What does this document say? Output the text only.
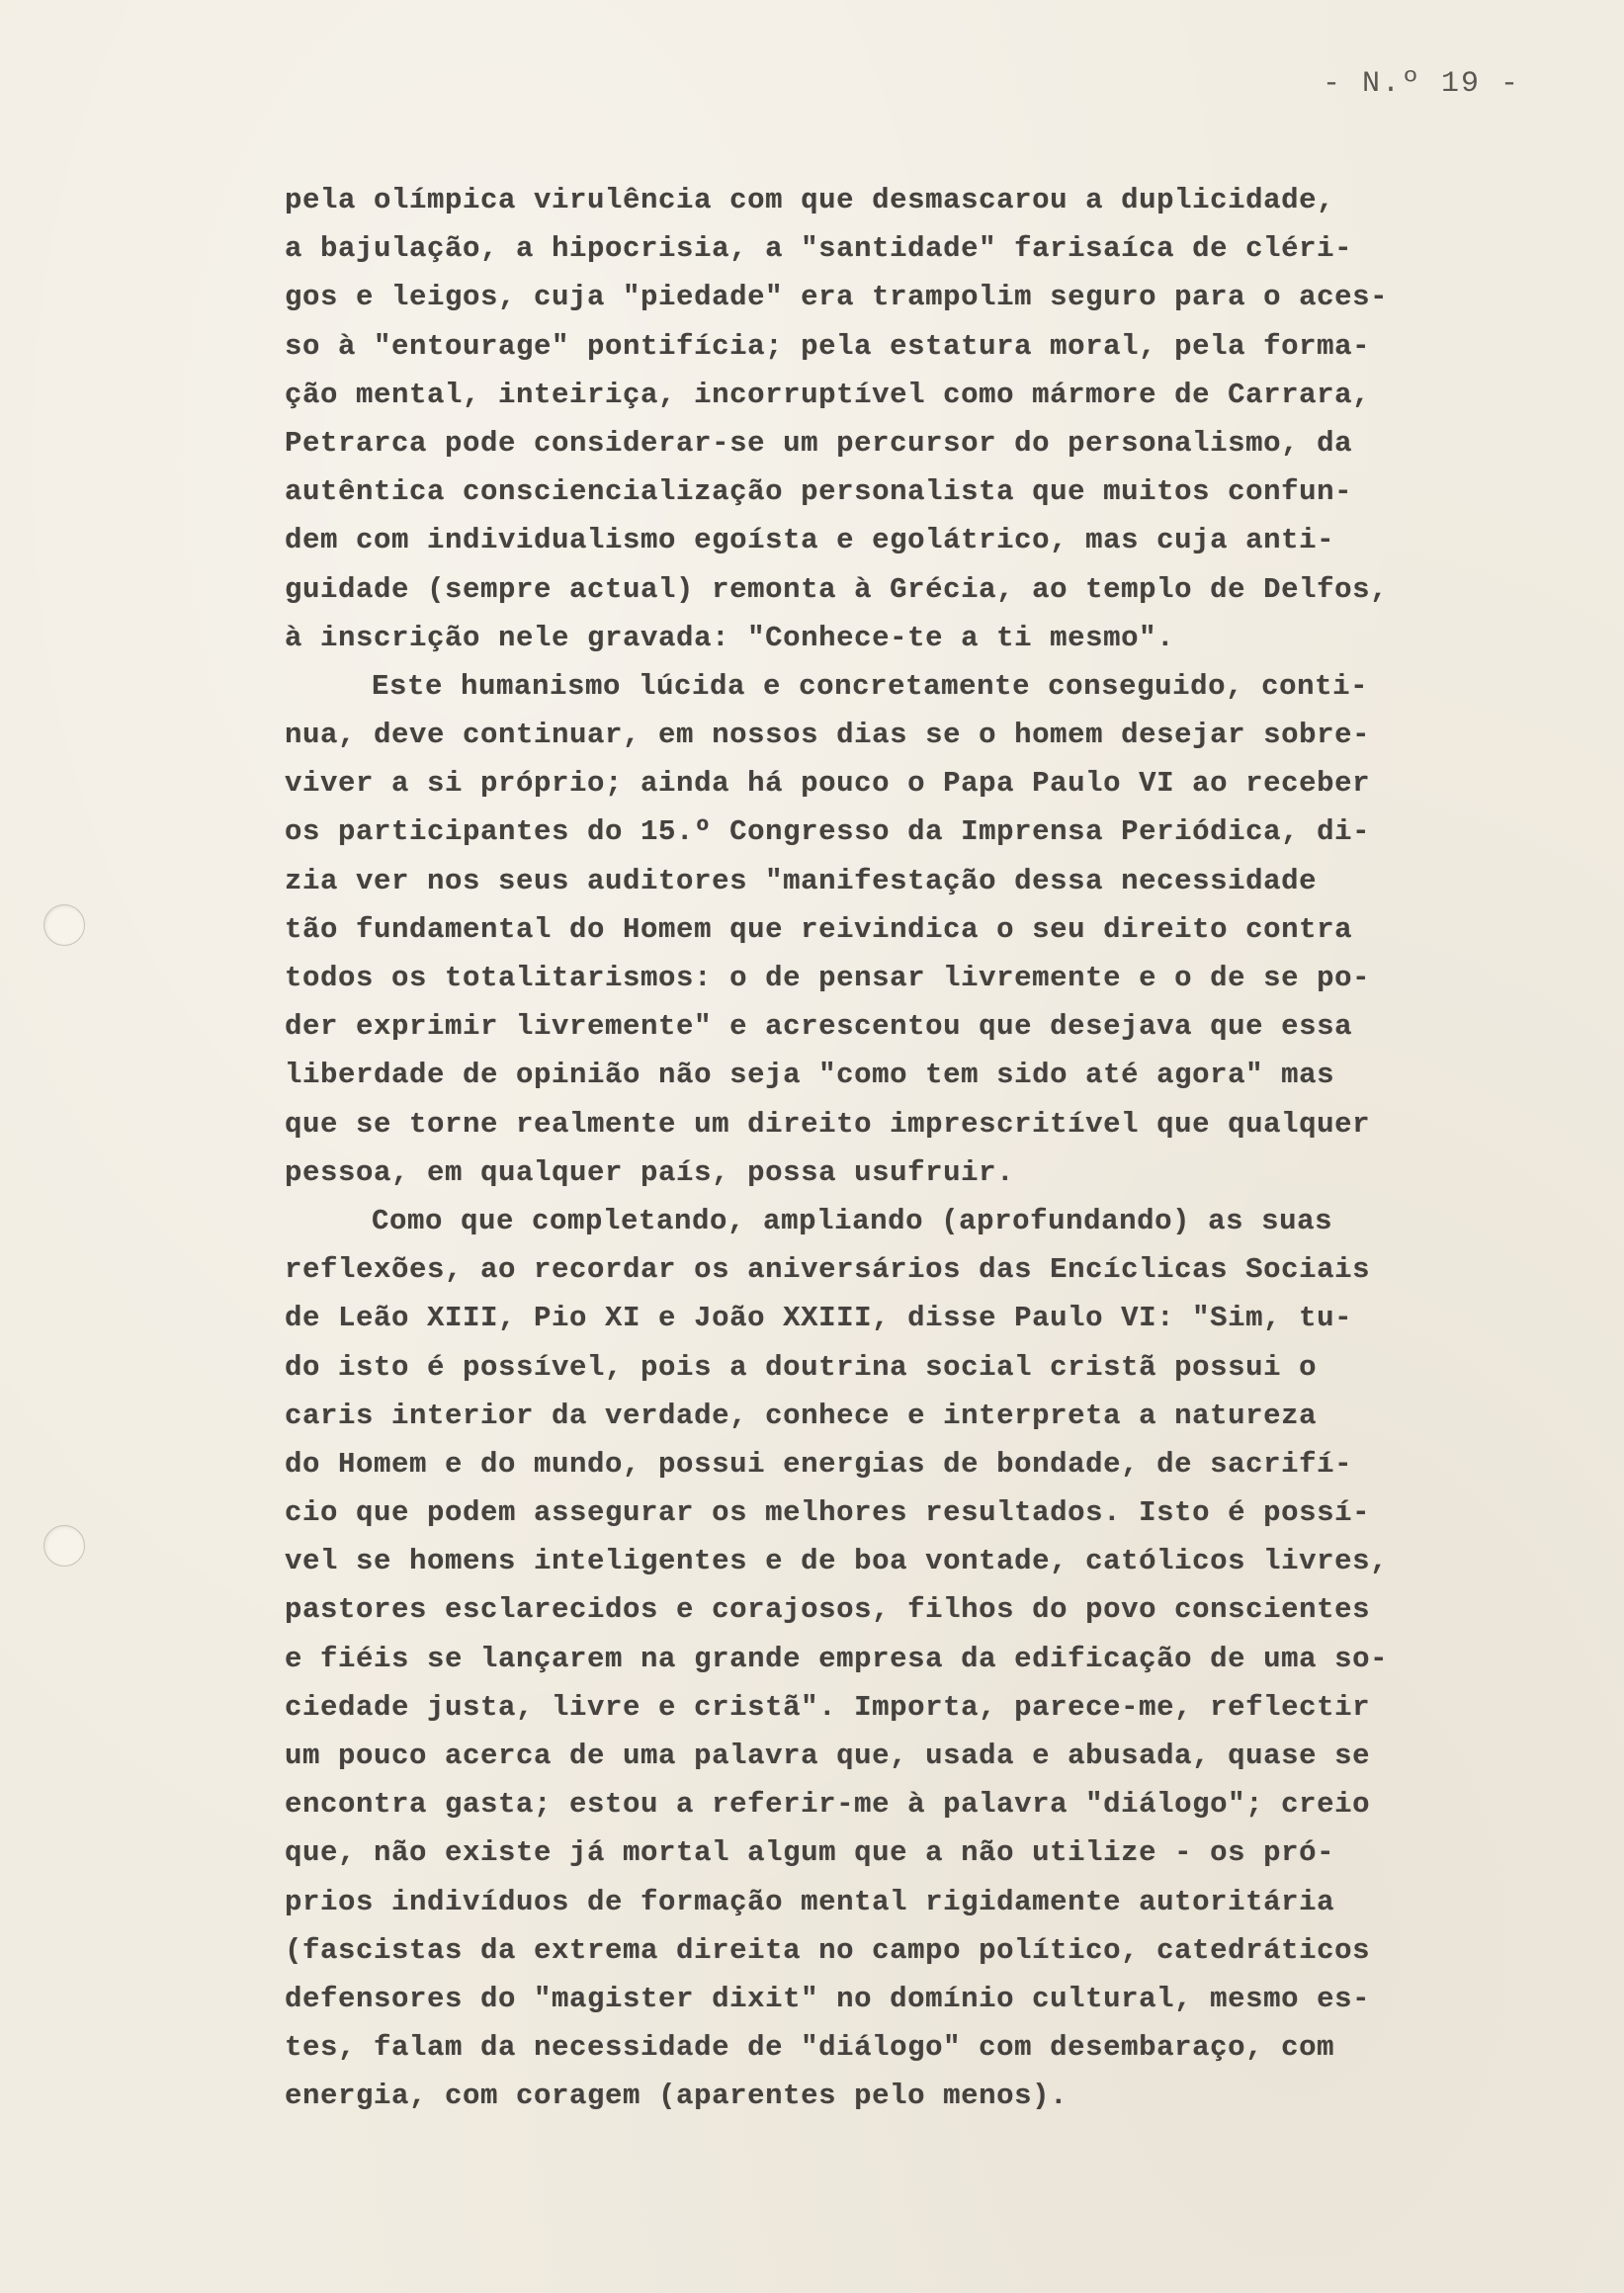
- N.º 19 -
pela olímpica virulência com que desmascarou a duplicidade,
a bajulação, a hipocrisia, a "santidade" farisaíca de cléri-
gos e leigos, cuja "piedade" era trampolim seguro para o aces-
so à "entourage" pontifícia; pela estatura moral, pela forma-
ção mental, inteiriça, incorruptível como mármore de Carrara,
Petrarca pode considerar-se um percursor do personalismo, da
autêntica consciencialização personalista que muitos confun-
dem com individualismo egoísta e egolátrico, mas cuja anti-
guidade (sempre actual) remonta à Grécia, ao templo de Delfos,
à inscrição nele gravada: "Conhece-te a ti mesmo".
Este humanismo lúcida e concretamente conseguido, conti-
nua, deve continuar, em nossos dias se o homem desejar sobre-
viver a si próprio; ainda há pouco o Papa Paulo VI ao receber
os participantes do 15.º Congresso da Imprensa Periódica, di-
zia ver nos seus auditores "manifestação dessa necessidade
tão fundamental do Homem que reivindica o seu direito contra
todos os totalitarismos: o de pensar livremente e o de se po-
der exprimir livremente" e acrescentou que desejava que essa
liberdade de opinião não seja "como tem sido até agora" mas
que se torne realmente um direito imprescritível que qualquer
pessoa, em qualquer país, possa usufruir.
Como que completando, ampliando (aprofundando) as suas
reflexões, ao recordar os aniversários das Encíclicas Sociais
de Leão XIII, Pio XI e João XXIII, disse Paulo VI: "Sim, tu-
do isto é possível, pois a doutrina social cristã possui o
caris interior da verdade, conhece e interpreta a natureza
do Homem e do mundo, possui energias de bondade, de sacrifí-
cio que podem assegurar os melhores resultados. Isto é possí-
vel se homens inteligentes e de boa vontade, católicos livres,
pastores esclarecidos e corajosos, filhos do povo conscientes
e fiéis se lançarem na grande empresa da edificação de uma so-
ciedade justa, livre e cristã". Importa, parece-me, reflectir
um pouco acerca de uma palavra que, usada e abusada, quase se
encontra gasta; estou a referir-me à palavra "diálogo"; creio
que, não existe já mortal algum que a não utilize - os pró-
prios indivíduos de formação mental rigidamente autoritária
(fascistas da extrema direita no campo político, catedráticos
defensores do "magister dixit" no domínio cultural, mesmo es-
tes, falam da necessidade de "diálogo" com desembaraço, com
energia, com coragem (aparentes pelo menos).
